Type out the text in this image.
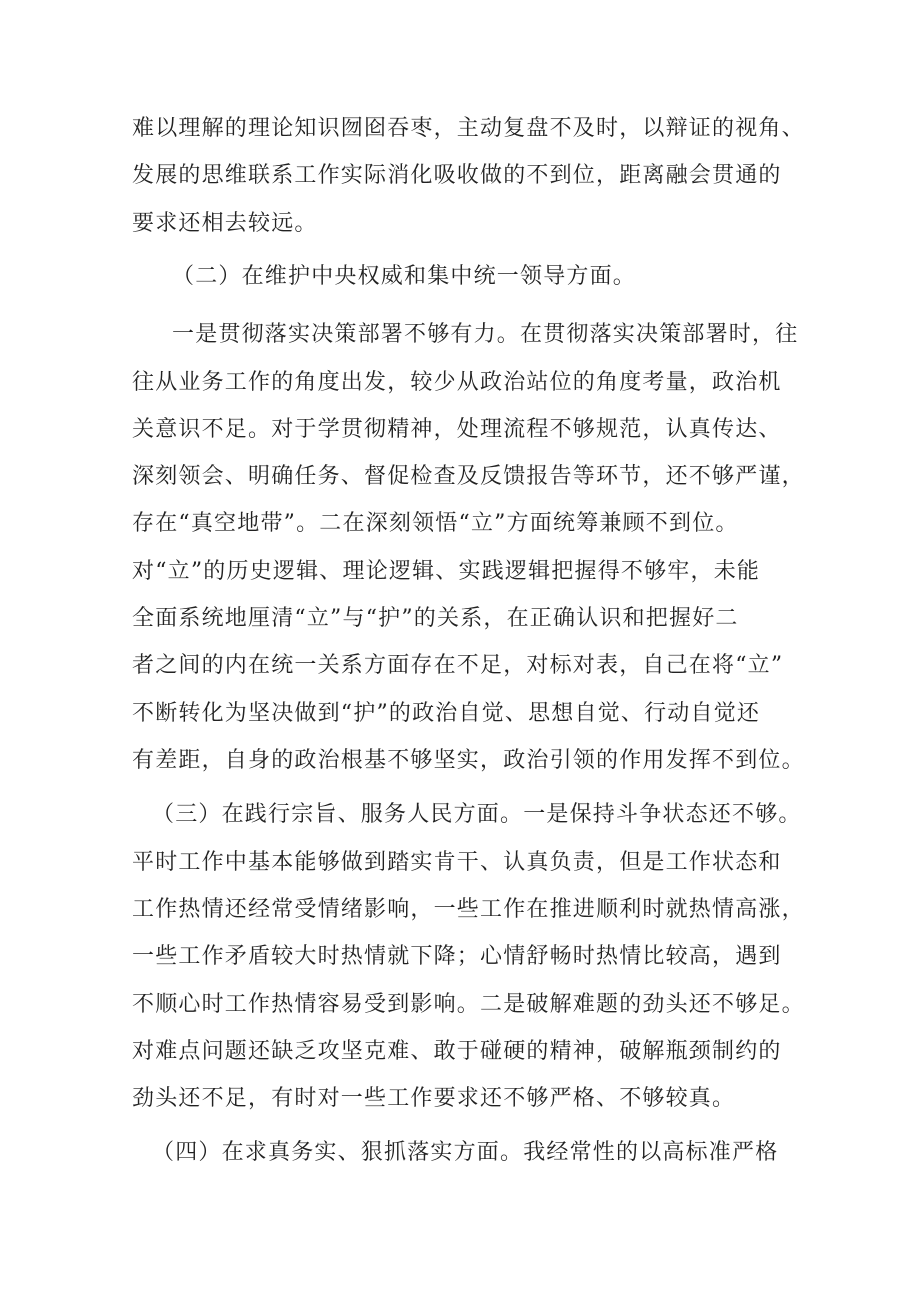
难以理解的理论知识囫囵吞枣，主动复盘不及时，以辩证的视角、
发展的思维联系工作实际消化吸收做的不到位，距离融会贯通的
要求还相去较远。
（二）在维护中央权威和集中统一领导方面。
一是贯彻落实决策部署不够有力。在贯彻落实决策部署时，往
往从业务工作的角度出发，较少从政治站位的角度考量，政治机
关意识不足。对于学贯彻精神，处理流程不够规范，认真传达、
深刻领会、明确任务、督促检查及反馈报告等环节，还不够严谨，
存在“真空地带”。二在深刻领悟“立”方面统筹兼顾不到位。
对“立”的历史逻辑、理论逻辑、实践逻辑把握得不够牢，未能
全面系统地厘清“立”与“护”的关系，在正确认识和把握好二
者之间的内在统一关系方面存在不足，对标对表，自己在将“立”
不断转化为坚决做到“护”的政治自觉、思想自觉、行动自觉还
有差距，自身的政治根基不够坚实，政治引领的作用发挥不到位。
（三）在践行宗旨、服务人民方面。一是保持斗争状态还不够。
平时工作中基本能够做到踏实肯干、认真负责，但是工作状态和
工作热情还经常受情绪影响，一些工作在推进顺利时就热情高涨，
一些工作矛盾较大时热情就下降；心情舒畅时热情比较高，遇到
不顺心时工作热情容易受到影响。二是破解难题的劲头还不够足。
对难点问题还缺乏攻坚克难、敢于碰硬的精神，破解瓶颈制约的
劲头还不足，有时对一些工作要求还不够严格、不够较真。
（四）在求真务实、狠抓落实方面。我经常性的以高标准严格
